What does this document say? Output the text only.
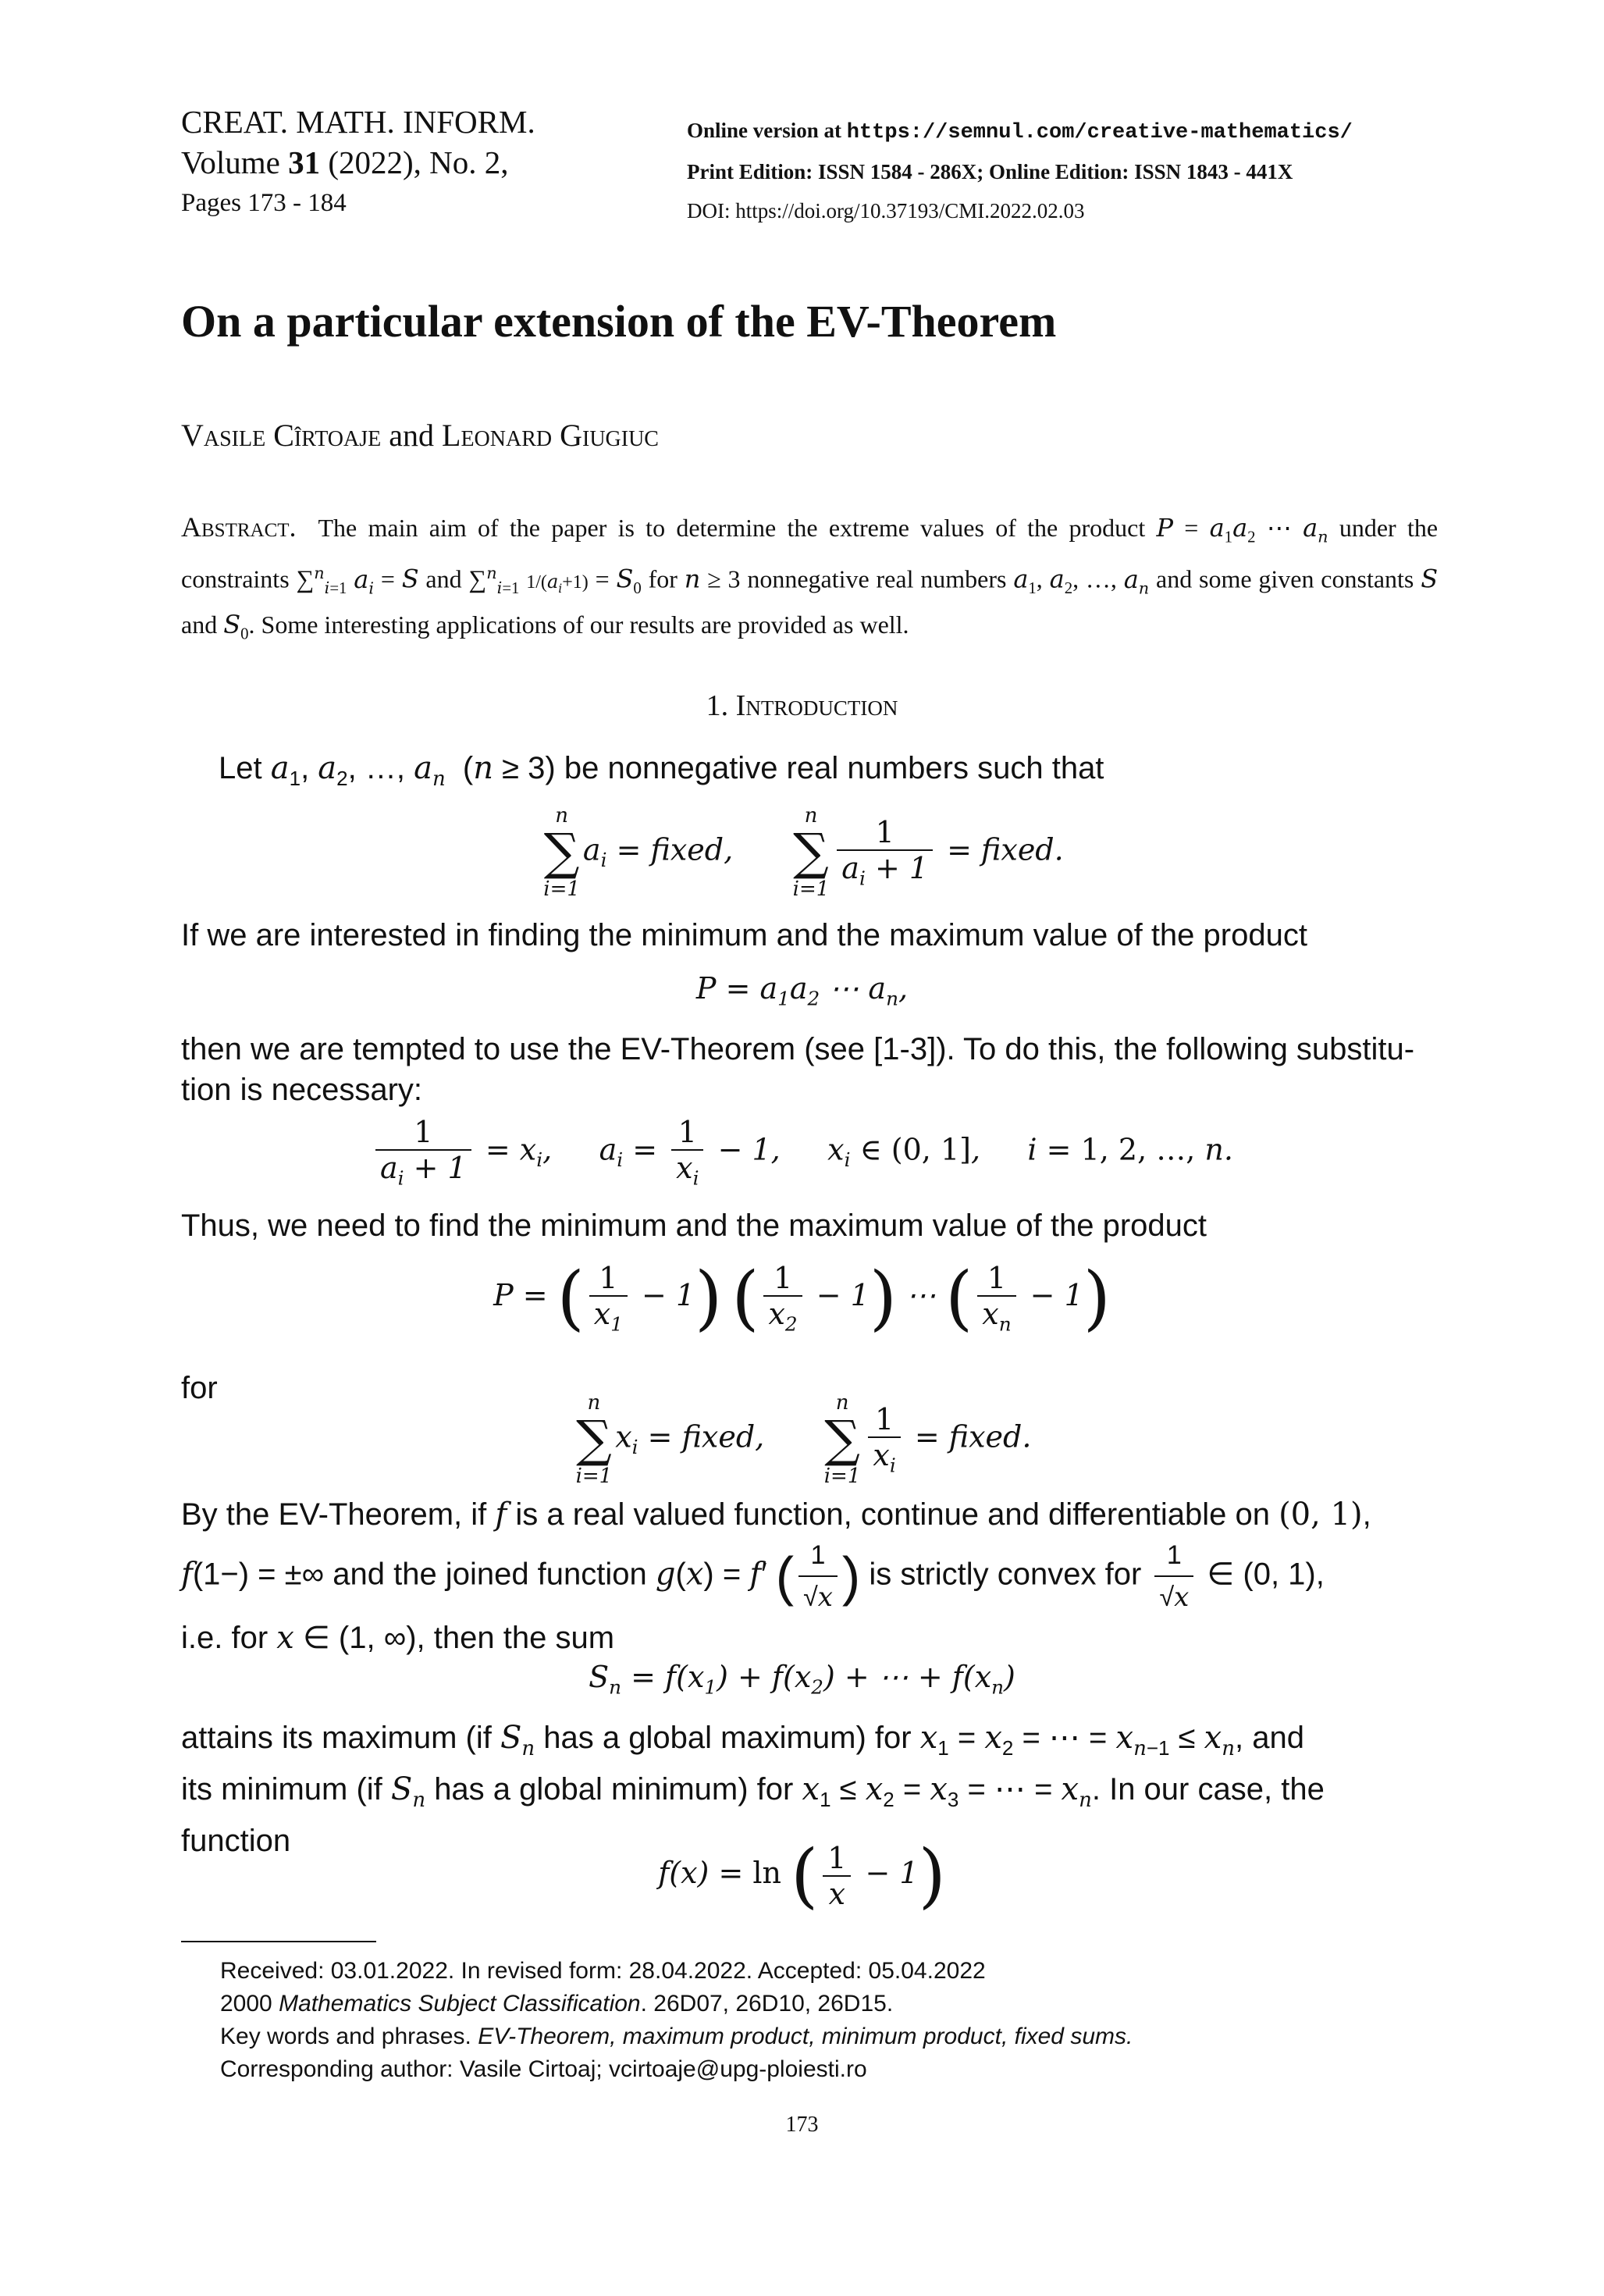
CREAT. MATH. INFORM.
Volume 31 (2022), No. 2,
Pages 173 - 184
Online version at https://semnul.com/creative-mathematics/
Print Edition: ISSN 1584 - 286X; Online Edition: ISSN 1843 - 441X
DOI: https://doi.org/10.37193/CMI.2022.02.03
On a particular extension of the EV-Theorem
Vasile Cîrtoaje and Leonard Giugiuc
Abstract. The main aim of the paper is to determine the extreme values of the product $P = a_1a_2$ ⋯ $a_n$ under the constraints ∑$^n_{i=1}$ $a_i = S$ and ∑$^n_{i=1}$ $1/(a_i+1) = S_0$ for n ≥ 3 nonnegative real numbers $a_1$, $a_2$, …, $a_n$ and some given constants S and $S_0$. Some interesting applications of our results are provided as well.
1. Introduction
Let $a_1$, $a_2$, …, $a_n$  (n ≥ 3) be nonnegative real numbers such that
n
∑
i=1
$a_i$ = fixed,
n
∑
$i=1 \frac{1}{a_i + 1}$ = fixed.
If we are interested in finding the minimum and the maximum value of the product
$P = a_1a_2$ ⋯ $a_n$,
then we are tempted to use the EV-Theorem (see [1-3]). To do this, the following substitu-
tion is necessary:
$\frac{1}{a_i + 1} = x_i$,     $a_i = \frac{1}{x_i} - 1$,     $x_i$ ∈ (0, 1],     i = 1, 2, …, n.
Thus, we need to find the minimum and the maximum value of the product
P = ( $\frac{1}{x_1} - 1$) ( $\frac{1}{x_2} - 1$) ⋯ ( $\frac{1}{x_n} - 1$)
for	n
∑
i=1
$x_i$ = fixed,
n
∑
$i=1 \frac{1}{x_i}$ = fixed.
By the EV-Theorem, if f is a real valued function, continue and differentiable on (0, 1),
f(1−) = ±∞ and the joined function g(x) = f′ ( $\frac{1}{√x}$ ) is strictly convex for $\frac{1}{√x}$ ∈ (0, 1),
i.e. for x ∈ (1, ∞), then the sum
$S_n = f(x_1) + f(x_2)$ + ⋯ + $f(x_n)$
attains its maximum (if $S_n$ has a global maximum) for $x_1 = x_2$ = ⋯ = $x_{n-1} \le x_n$, and
its minimum (if $S_n$ has a global minimum) for $x_1 \le x_2 = x_3$ = ⋯ = $x_n$. In our case, the
function
f(x) = ln ( $\frac{1}{x} - 1$)
Received: 03.01.2022. In revised form: 28.04.2022. Accepted: 05.04.2022
2000 Mathematics Subject Classification. 26D07, 26D10, 26D15.
Key words and phrases. EV-Theorem, maximum product, minimum product, fixed sums.
Corresponding author: Vasile Cirtoaj; vcirtoaje@upg-ploiesti.ro
173
